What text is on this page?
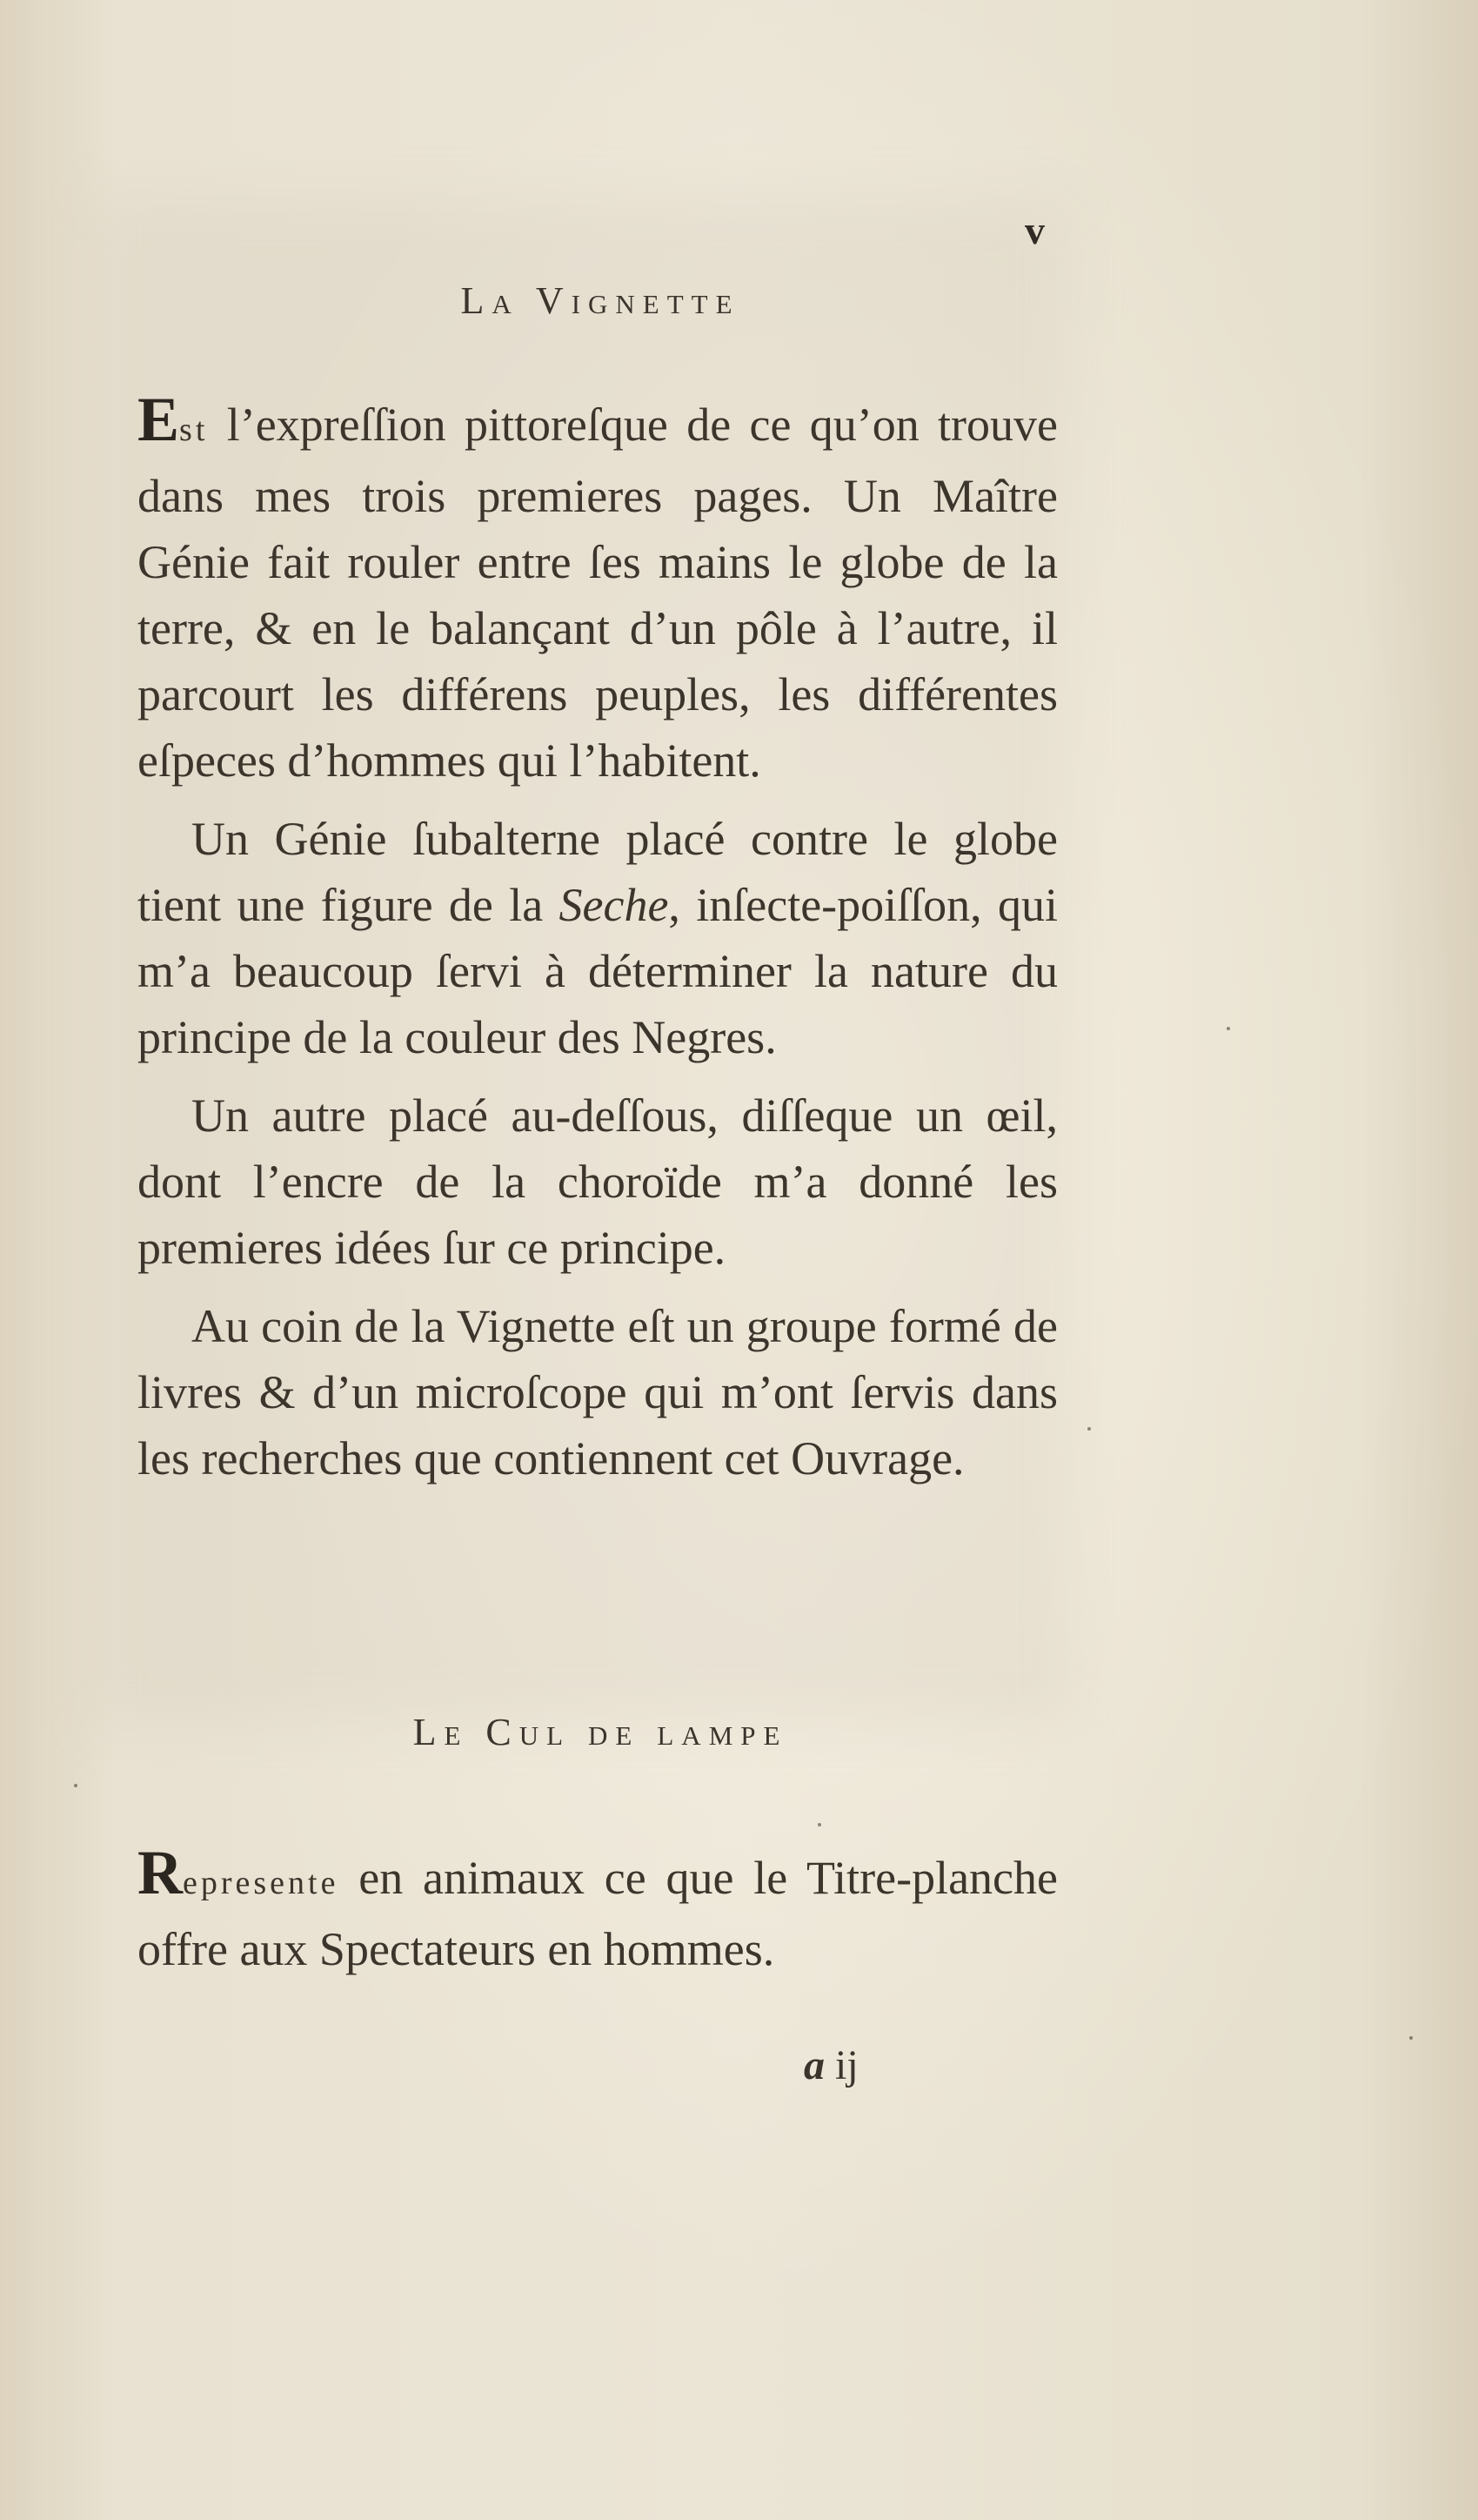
v
La Vignette

Est l’expreſſion pittoreſque de ce qu’on trouve dans mes trois premieres pages. Un Maître Génie fait rouler entre ſes mains le globe de la terre, & en le balançant d’un pôle à l’autre, il parcourt les différens peuples, les différentes eſpeces d’hommes qui l’habitent.

Un Génie ſubalterne placé contre le globe tient une figure de la Seche, inſecte-poiſſon, qui m’a beaucoup ſervi à déterminer la nature du principe de la couleur des Negres.

Un autre placé au-deſſous, diſſeque un œil, dont l’encre de la choroïde m’a donné les premieres idées ſur ce principe.

Au coin de la Vignette eſt un groupe formé de livres & d’un microſcope qui m’ont ſervis dans les recherches que contiennent cet Ouvrage.

Le Cul de lampe

Represente en animaux ce que le Titre-planche offre aux Spectateurs en hommes.

a ij
